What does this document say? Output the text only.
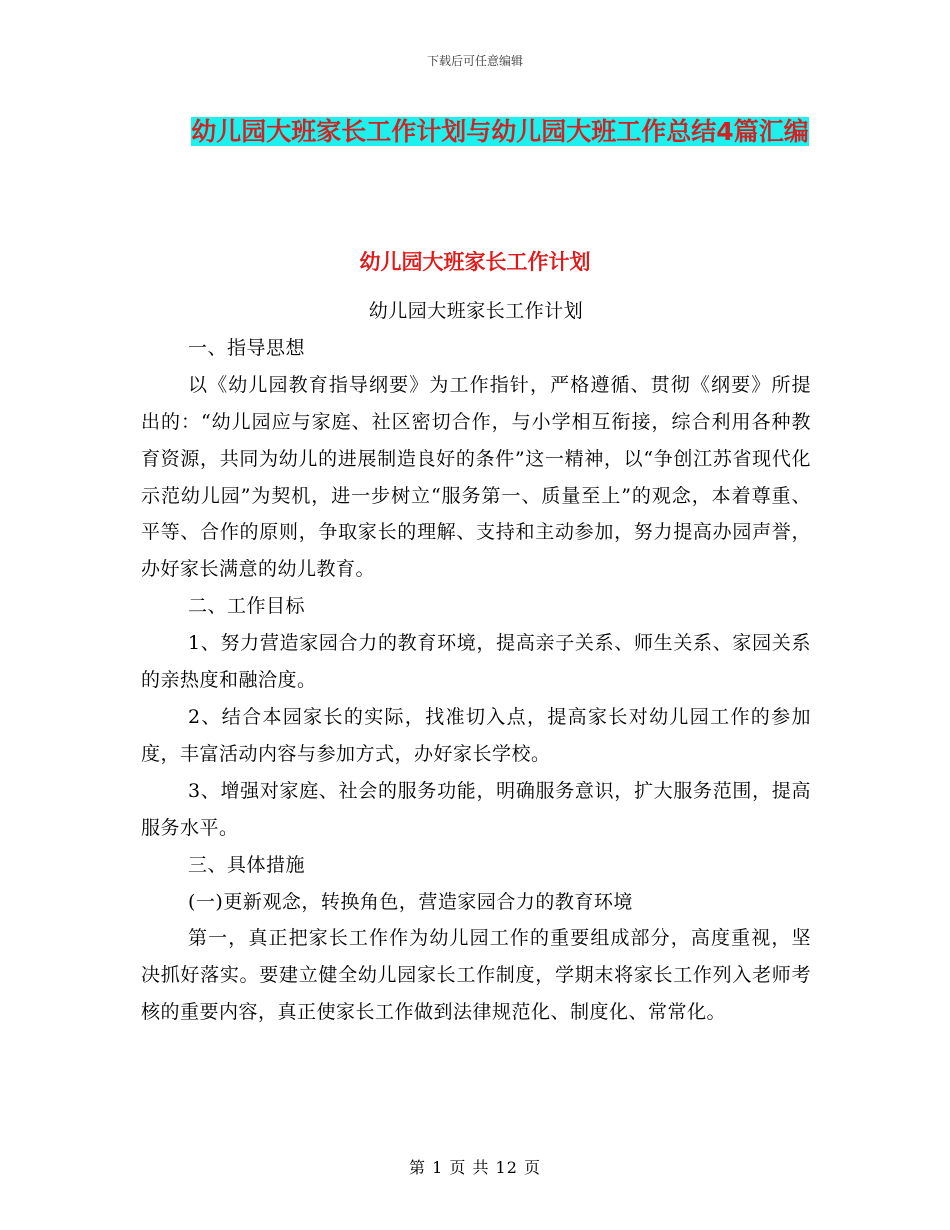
下载后可任意编辑
幼儿园大班家长工作计划与幼儿园大班工作总结4篇汇编
幼儿园大班家长工作计划

幼儿园大班家长工作计划

一、指导思想

以《幼儿园教育指导纲要》为工作指针，严格遵循、贯彻《纲要》所提出的：“幼儿园应与家庭、社区密切合作，与小学相互衔接，综合利用各种教育资源，共同为幼儿的进展制造良好的条件”这一精神，以“争创江苏省现代化示范幼儿园”为契机，进一步树立“服务第一、质量至上”的观念，本着尊重、平等、合作的原则，争取家长的理解、支持和主动参加，努力提高办园声誉，办好家长满意的幼儿教育。

二、工作目标

1、努力营造家园合力的教育环境，提高亲子关系、师生关系、家园关系的亲热度和融洽度。

2、结合本园家长的实际，找准切入点，提高家长对幼儿园工作的参加度，丰富活动内容与参加方式，办好家长学校。

3、增强对家庭、社会的服务功能，明确服务意识，扩大服务范围，提高服务水平。

三、具体措施

(一)更新观念，转换角色，营造家园合力的教育环境

第一，真正把家长工作作为幼儿园工作的重要组成部分，高度重视，坚决抓好落实。要建立健全幼儿园家长工作制度，学期末将家长工作列入老师考核的重要内容，真正使家长工作做到法律规范化、制度化、常常化。

第 1 页 共 12 页
